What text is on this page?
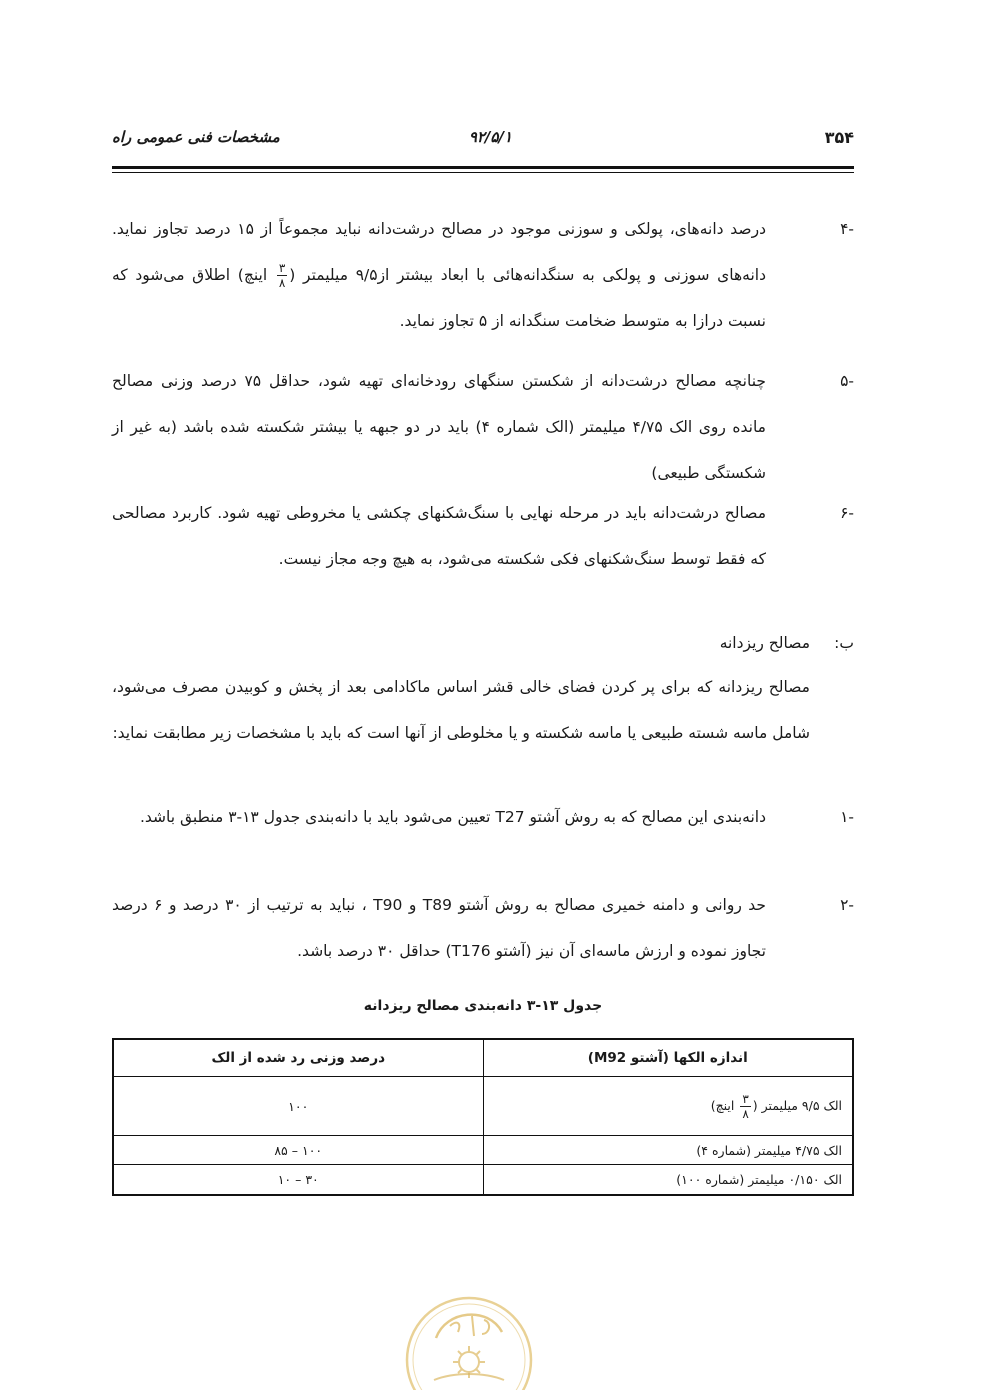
۳۵۴
۹۲/۵/۱
مشخصات فنی عمومی راه
-۴
درصد دانه‌های، پولکی و سوزنی موجود در مصالح درشت‌دانه نباید مجموعاً از ۱۵ درصد تجاوز نماید. دانه‌های سوزنی و پولکی به سنگدانه‌هائی با ابعاد بیشتر از۹/۵ میلیمتر (
$\frac{۳}{۸}$
اینچ) اطلاق می‌شود که نسبت درازا به متوسط ضخامت سنگدانه از ۵ تجاوز نماید.
-۵
چنانچه مصالح درشت‌دانه از شکستن سنگهای رودخانه‌ای تهیه شود، حداقل ۷۵ درصد وزنی مصالح مانده روی الک ۴/۷۵ میلیمتر (الک شماره ۴) باید در دو جبهه یا بیشتر شکسته شده باشد (به غیر از شکستگی طبیعی)
-۶
مصالح درشت‌دانه باید در مرحله نهایی با سنگ‌شکنهای چکشی یا مخروطی تهیه شود. کاربرد مصالحی که فقط توسط سنگ‌شکنهای فکی شکسته می‌شود، به هیچ وجه مجاز نیست.
ب:
مصالح ریزدانه
مصالح ریزدانه که برای پر کردن فضای خالی قشر اساس ماکادامی بعد از پخش و کوبیدن مصرف می‌شود، شامل ماسه شسته طبیعی یا ماسه شکسته و یا مخلوطی از آنها است که باید با مشخصات زیر مطابقت نماید:
-۱
دانه‌بندی این مصالح که به روش آشتو T27 تعیین می‌شود باید با دانه‌بندی جدول ۱۳-۳ منطبق باشد.
-۲
حد روانی و دامنه خمیری مصالح به روش آشتو T89 و T90 ، نباید به ترتیب از ۳۰ درصد و ۶ درصد تجاوز نموده و ارزش ماسه‌ای آن نیز (آشتو T176) حداقل ۳۰ درصد باشد.
جدول ۱۳-۳ دانه‌بندی مصالح ریزدانه
اندازه الکها (آشتو M92)	درصد وزنی رد شده از الک
الک ۹/۵ میلیمتر (
$\frac{۳}{۸}$
اینچ)	۱۰۰
الک ۴/۷۵ میلیمتر (شماره ۴)	۱۰۰ – ۸۵
الک ۰/۱۵۰ میلیمتر (شماره ۱۰۰)	۳۰ – ۱۰
